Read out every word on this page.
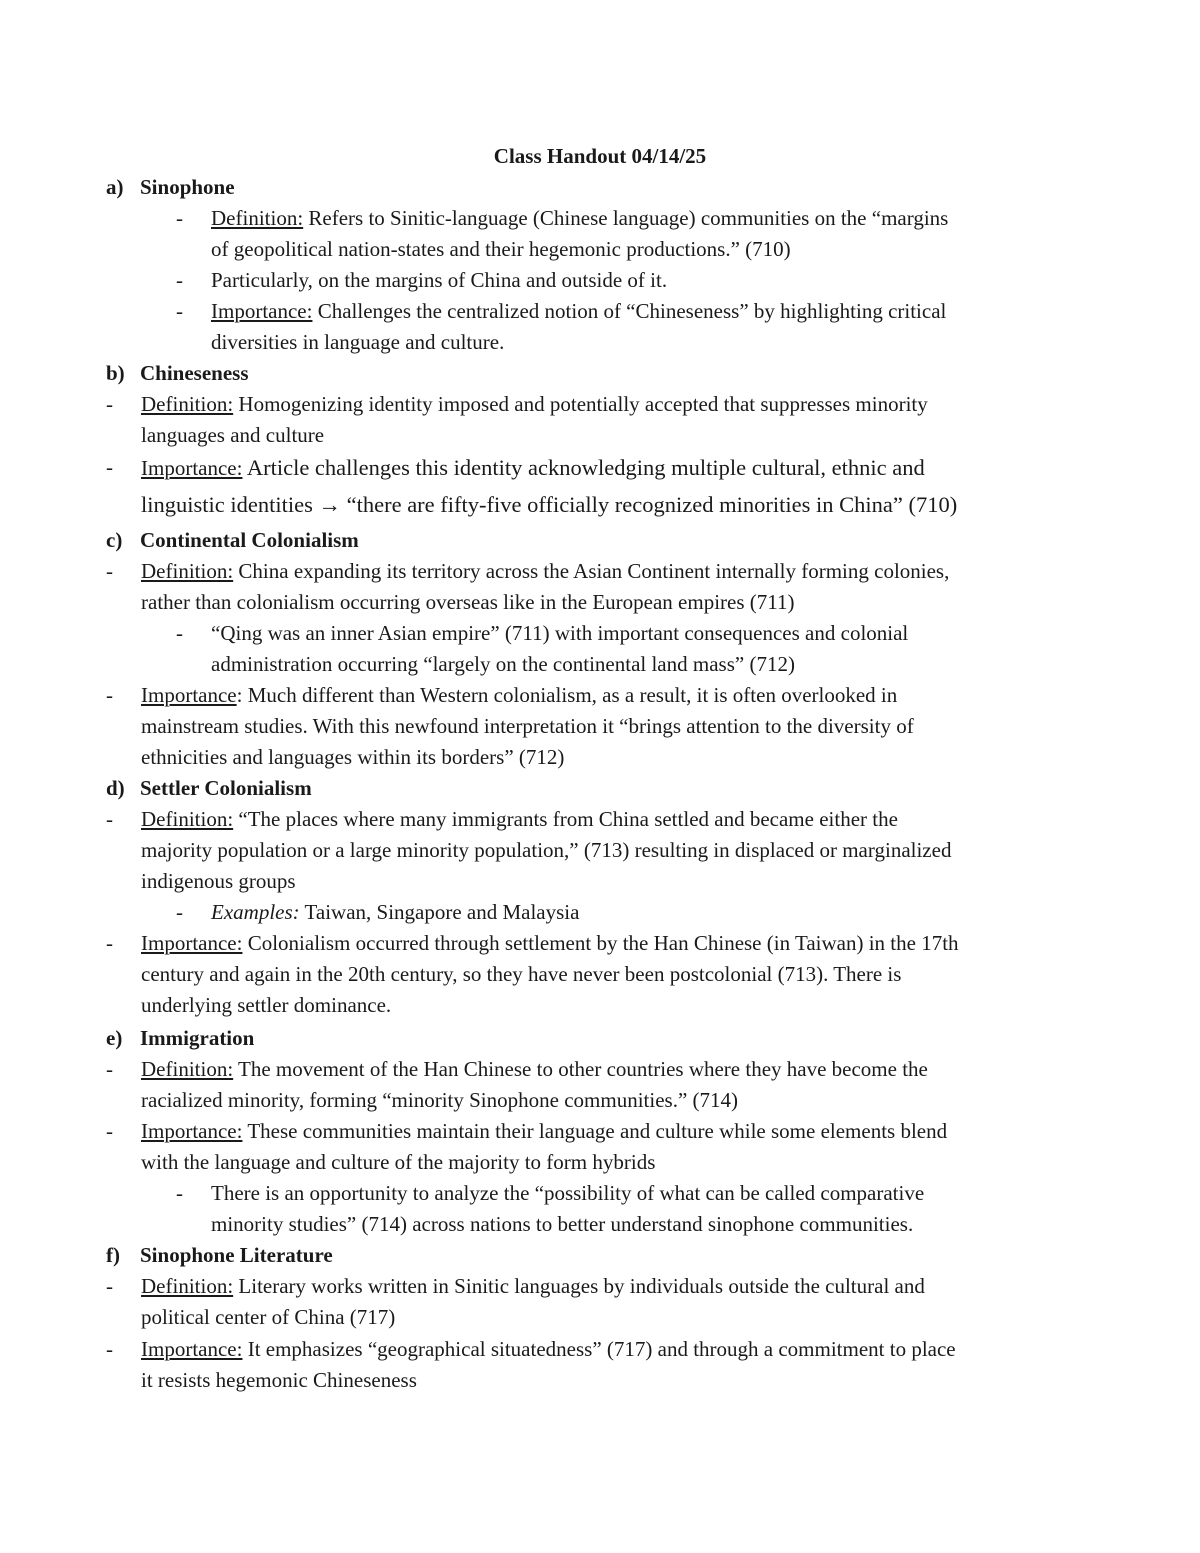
Class Handout 04/14/25
a) Sinophone
- Definition: Refers to Sinitic-language (Chinese language) communities on the “margins
of geopolitical nation-states and their hegemonic productions.” (710)
- Particularly, on the margins of China and outside of it.
- Importance: Challenges the centralized notion of “Chineseness” by highlighting critical
diversities in language and culture.
b) Chineseness
- Definition: Homogenizing identity imposed and potentially accepted that suppresses minority
languages and culture
- Importance: Article challenges this identity acknowledging multiple cultural, ethnic and
linguistic identities → “there are fifty-five officially recognized minorities in China” (710)
c) Continental Colonialism
- Definition: China expanding its territory across the Asian Continent internally forming colonies,
rather than colonialism occurring overseas like in the European empires (711)
- “Qing was an inner Asian empire” (711) with important consequences and colonial
administration occurring “largely on the continental land mass” (712)
- Importance: Much different than Western colonialism, as a result, it is often overlooked in
mainstream studies. With this newfound interpretation it “brings attention to the diversity of
ethnicities and languages within its borders” (712)
d) Settler Colonialism
- Definition: “The places where many immigrants from China settled and became either the
majority population or a large minority population,” (713) resulting in displaced or marginalized
indigenous groups
- Examples: Taiwan, Singapore and Malaysia
- Importance: Colonialism occurred through settlement by the Han Chinese (in Taiwan) in the 17th
century and again in the 20th century, so they have never been postcolonial (713). There is
underlying settler dominance.
e) Immigration
- Definition: The movement of the Han Chinese to other countries where they have become the
racialized minority, forming “minority Sinophone communities.” (714)
- Importance: These communities maintain their language and culture while some elements blend
with the language and culture of the majority to form hybrids
- There is an opportunity to analyze the “possibility of what can be called comparative
minority studies” (714) across nations to better understand sinophone communities.
f) Sinophone Literature
- Definition: Literary works written in Sinitic languages by individuals outside the cultural and
political center of China (717)
- Importance: It emphasizes “geographical situatedness” (717) and through a commitment to place
it resists hegemonic Chineseness
